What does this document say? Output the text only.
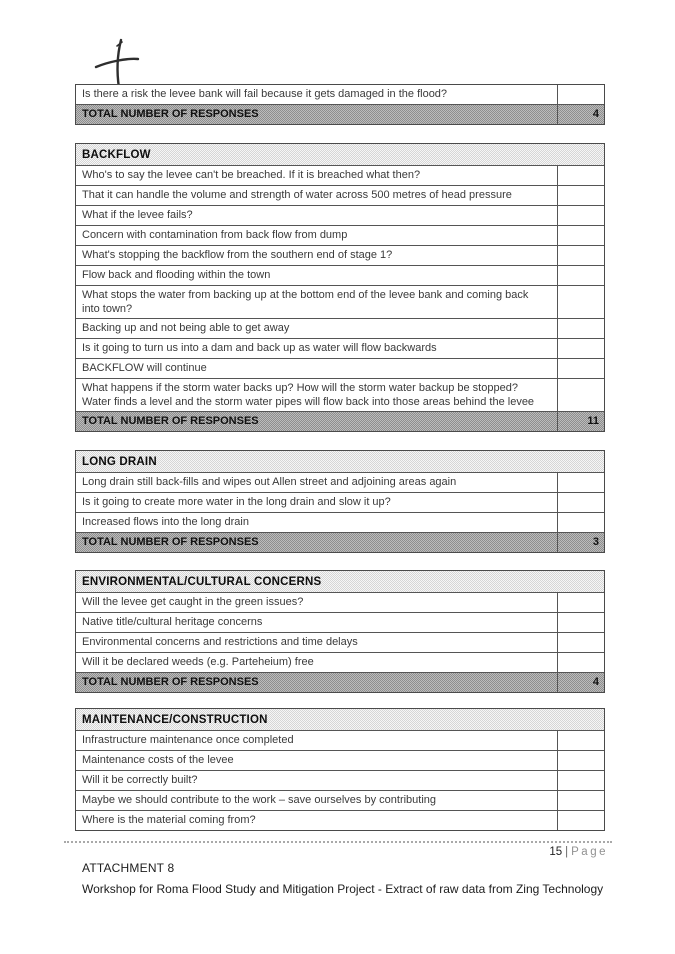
Is there a risk the levee bank will fail because it gets damaged in the flood?
TOTAL NUMBER OF RESPONSES	4
BACKFLOW
Who's to say the levee can't be breached. If it is breached what then?
That it can handle the volume and strength of water across 500 metres of head pressure
What if the levee fails?
Concern with contamination from back flow from dump
What's stopping the backflow from the southern end of stage 1?
Flow back and flooding within the town
What stops the water from backing up at the bottom end of the levee bank and coming back into town?
Backing up and not being able to get away
Is it going to turn us into a dam and back up as water will flow backwards
BACKFLOW will continue
What happens if the storm water backs up? How will the storm water backup be stopped? Water finds a level and the storm water pipes will flow back into those areas behind the levee
TOTAL NUMBER OF RESPONSES	11
LONG DRAIN
Long drain still back-fills and wipes out Allen street and adjoining areas again
Is it going to create more water in the long drain and slow it up?
Increased flows into the long drain
TOTAL NUMBER OF RESPONSES	3
ENVIRONMENTAL/CULTURAL CONCERNS
Will the levee get caught in the green issues?
Native title/cultural heritage concerns
Environmental concerns and restrictions and time delays
Will it be declared weeds (e.g. Parteheium) free
TOTAL NUMBER OF RESPONSES	4
MAINTENANCE/CONSTRUCTION
Infrastructure maintenance once completed
Maintenance costs of the levee
Will it be correctly built?
Maybe we should contribute to the work – save ourselves by contributing
Where is the material coming from?
15 | Page
ATTACHMENT 8
Workshop for Roma Flood Study and Mitigation Project - Extract of raw data from Zing Technology
